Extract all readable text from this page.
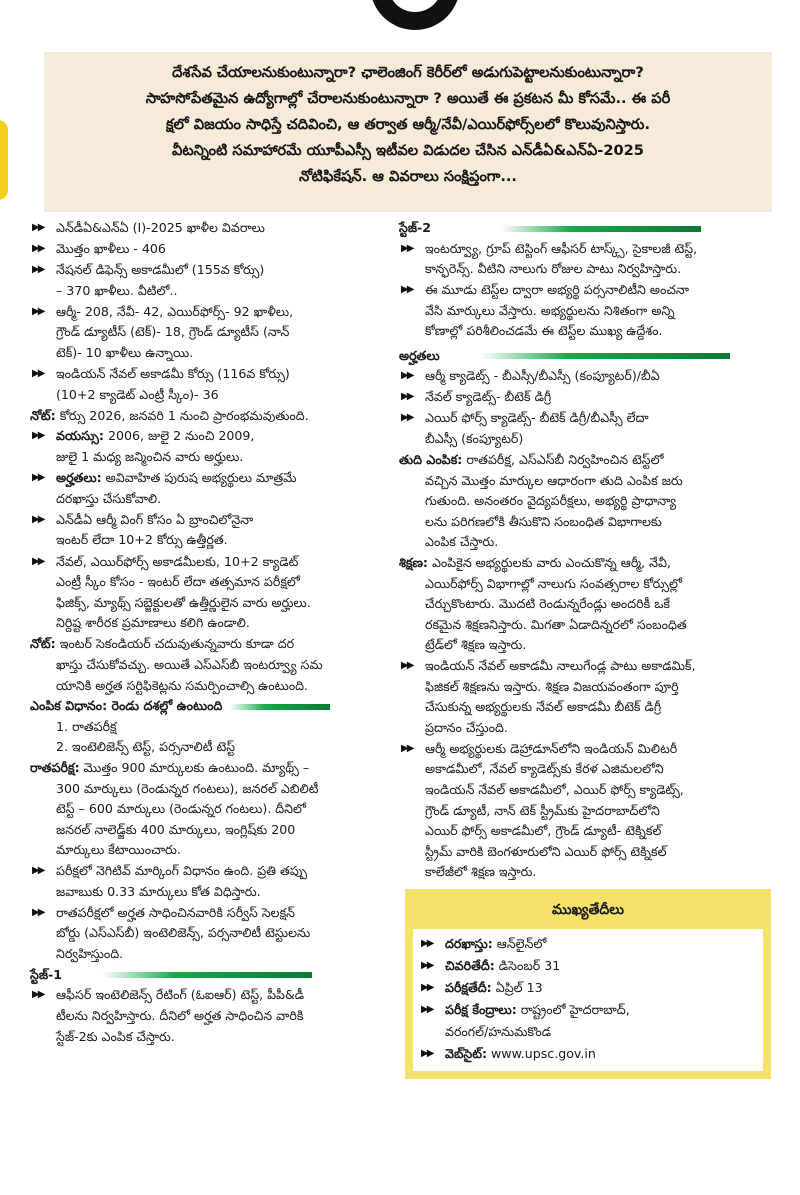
దేశసేవ చేయాలనుకుంటున్నారా? ఛాలెంజింగ్ కెరీర్‌లో అడుగుపెట్టాలనుకుంటున్నారా?
సాహసోపేతమైన ఉద్యోగాల్లో చేరాలనుకుంటున్నారా ? అయితే ఈ ప్రకటన మీ కోసమే.. ఈ పరీ
క్షలో విజయం సాధిస్తే చదివించి, ఆ తర్వాత ఆర్మీ/నేవీ/ఎయిర్‌ఫోర్స్‌లలో కొలువునిస్తారు.
వీటన్నింటి సమాహారమే యూపీఎస్సీ ఇటీవల విడుదల చేసిన ఎన్‌డీఏ&ఎన్‌ఏ-2025
నోటిఫికేషన్. ఆ వివరాలు సంక్షిప్తంగా...
▶▶ ఎన్‌డీఏ&ఎన్‌ఏ (I)-2025 ఖాళీల వివరాలు
▶▶ మొత్తం ఖాళీలు - 406
▶▶ నేషనల్ డిఫెన్స్ అకాడమీలో (155వ కోర్సు)
– 370 ఖాళీలు. వీటిలో..
▶▶ ఆర్మీ- 208, నేవీ- 42, ఎయిర్‌ఫోర్స్- 92 ఖాళీలు,
గ్రౌండ్ డ్యూటీస్ (టెక్)- 18, గ్రౌండ్ డ్యూటీస్ (నాన్
టెక్)- 10 ఖాళీలు ఉన్నాయి.
▶▶ ఇండియన్ నేవల్ అకాడమీ కోర్సు (116వ కోర్సు)
(10+2 క్యాడెట్ ఎంట్రీ స్కీం)- 36
నోట్: కోర్సు 2026, జనవరి 1 నుంచి ప్రారంభమవుతుంది.
▶▶ వయస్సు: 2006, జులై 2 నుంచి 2009,
జులై 1 మధ్య జన్మించిన వారు అర్హులు.
▶▶ అర్హతలు: అవివాహిత పురుష అభ్యర్థులు మాత్రమే
దరఖాస్తు చేసుకోవాలి.
▶▶ ఎన్‌డీఏ ఆర్మీ వింగ్ కోసం ఏ బ్రాంచిలోనైనా
ఇంటర్ లేదా 10+2 కోర్సు ఉత్తీర్ణత.
▶▶ నేవల్, ఎయిర్‌ఫోర్స్ అకాడమీలకు, 10+2 క్యాడెట్
ఎంట్రీ స్కీం కోసం - ఇంటర్ లేదా తత్సమాన పరీక్షలో
ఫిజిక్స్, మ్యాథ్స్ సబ్జెక్టులతో ఉత్తీర్ణులైన వారు అర్హులు.
నిర్దిష్ట శారీరక ప్రమాణాలు కలిగి ఉండాలి.
నోట్: ఇంటర్ సెకండియర్ చదువుతున్నవారు కూడా దర
ఖాస్తు చేసుకోవచ్చు. అయితే ఎస్ఎస్‌బీ ఇంటర్వ్యూ సమ
యానికి అర్హత సర్టిఫికెట్లను సమర్పించాల్సి ఉంటుంది.
ఎంపిక విధానం: రెండు దశల్లో ఉంటుంది
1. రాతపరీక్ష
2. ఇంటెలిజెన్స్ టెస్ట్, పర్సనాలిటీ టెస్ట్
రాతపరీక్ష: మొత్తం 900 మార్కులకు ఉంటుంది. మ్యాథ్స్ –
300 మార్కులు (రెండున్నర గంటలు), జనరల్ ఎబిలిటీ
టెస్ట్ – 600 మార్కులు (రెండున్నర గంటలు). దీనిలో
జనరల్ నాలెడ్జ్‌కు 400 మార్కులు, ఇంగ్లిష్‌కు 200
మార్కులు కేటాయించారు.
▶▶ పరీక్షలో నెగిటివ్ మార్కింగ్ విధానం ఉంది. ప్రతి తప్పు
జవాబుకు 0.33 మార్కులు కోత విధిస్తారు.
▶▶ రాతపరీక్షలో అర్హత సాధించినవారికి సర్వీస్ సెలక్షన్
బోర్డు (ఎస్ఎస్‌బీ) ఇంటెలిజెన్స్, పర్సనాలిటీ టెస్టులను
నిర్వహిస్తుంది.
స్టేజ్-1
▶▶ ఆఫీసర్ ఇంటెలిజెన్స్ రేటింగ్ (ఓఐఆర్) టెస్ట్, పీపీ&డీ
టీలను నిర్వహిస్తారు. దీనిలో అర్హత సాధించిన వారికి
స్టేజ్-2కు ఎంపిక చేస్తారు.
స్టేజ్-2
▶▶ ఇంటర్వ్యూ, గ్రూప్ టెస్టింగ్ ఆఫీసర్ టాస్క్స్, సైకాలజీ టెస్ట్,
కాన్ఫరెన్స్. వీటిని నాలుగు రోజుల పాటు నిర్వహిస్తారు.
▶▶ ఈ మూడు టెస్ట్‌ల ద్వారా అభ్యర్థి పర్సనాలిటీని అంచనా
వేసి మార్కులు వేస్తారు. అభ్యర్థులను నిశితంగా అన్ని
కోణాల్లో పరిశీలించడమే ఈ టెస్ట్‌ల ముఖ్య ఉద్దేశం.
అర్హతలు
▶▶ ఆర్మీ క్యాడెట్స్ - బీఎస్సీ/బీఎస్సీ (కంప్యూటర్)/బీఏ
▶▶ నేవల్ క్యాడెట్స్- బీటెక్ డిగ్రీ
▶▶ ఎయిర్ ఫోర్స్ క్యాడెట్స్- బీటెక్ డిగ్రీ/బీఎస్సీ లేదా
బీఎస్సీ (కంప్యూటర్)
తుది ఎంపిక: రాతపరీక్ష, ఎస్ఎస్‌బీ నిర్వహించిన టెస్ట్‌లో
వచ్చిన మొత్తం మార్కుల ఆధారంగా తుది ఎంపిక జరు
గుతుంది. అనంతరం వైద్యపరీక్షలు, అభ్యర్థి ప్రాధాన్యా
లను పరిగణలోకి తీసుకొని సంబంధిత విభాగాలకు
ఎంపిక చేస్తారు.
శిక్షణ: ఎంపికైన అభ్యర్థులకు వారు ఎంచుకొన్న ఆర్మీ, నేవీ,
ఎయిర్‌ఫోర్స్ విభాగాల్లో నాలుగు సంవత్సరాల కోర్సుల్లో
చేర్చుకొంటారు. మొదటి రెండున్నరేండ్లు అందరికీ ఒకే
రకమైన శిక్షణనిస్తారు. మిగతా ఏడాదిన్నరలో సంబంధిత
ట్రేడ్‌లో శిక్షణ ఇస్తారు.
▶▶ ఇండియన్ నేవల్ అకాడమీ నాలుగేండ్ల పాటు అకాడమిక్,
ఫిజికల్ శిక్షణను ఇస్తారు. శిక్షణ విజయవంతంగా పూర్తి
చేసుకున్న అభ్యర్థులకు నేవల్ అకాడమీ బీటెక్ డిగ్రీ
ప్రదానం చేస్తుంది.
▶▶ ఆర్మీ అభ్యర్థులకు డెహ్రాడూన్‌లోని ఇండియన్ మిలిటరీ
అకాడమీలో, నేవల్ క్యాడెట్స్‌కు కేరళ ఎజిమలలోని
ఇండియన్ నేవల్ అకాడమీలో, ఎయిర్ ఫోర్స్ క్యాడెట్స్,
గ్రౌండ్ డ్యూటీ, నాన్ టెక్ స్ట్రీమ్‌కు హైదరాబాద్‌లోని
ఎయిర్ ఫోర్స్ అకాడమీలో, గ్రౌండ్ డ్యూటీ- టెక్నికల్
స్ట్రీమ్ వారికి బెంగళూరులోని ఎయిర్ ఫోర్స్ టెక్నికల్
కాలేజీలో శిక్షణ ఇస్తారు.
ముఖ్యతేదీలు
▶▶ దరఖాస్తు: ఆన్‌లైన్‌లో
▶▶ చివరితేదీ: డిసెంబర్ 31
▶▶ పరీక్షతేదీ: ఏప్రిల్ 13
▶▶ పరీక్ష కేంద్రాలు: రాష్ట్రంలో హైదరాబాద్,
వరంగల్/హనుమకొండ
▶▶ వెబ్‌సైట్: www.upsc.gov.in
